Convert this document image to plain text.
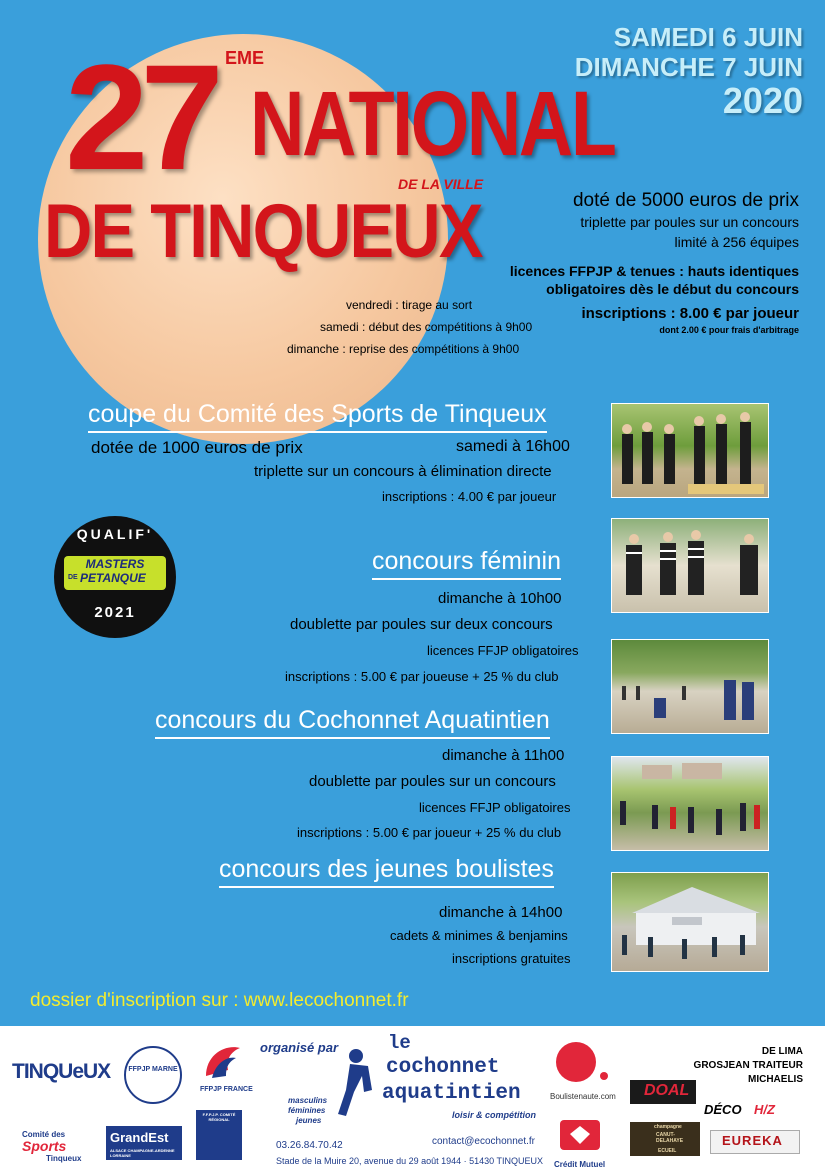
27 EME
NATIONAL
DE LA VILLE
DE TINQUEUX
SAMEDI 6 JUIN
DIMANCHE 7 JUIN
2020
doté de 5000 euros de prix
triplette par poules sur un concours
limité à 256 équipes
licences FFPJP & tenues : hauts identiques
obligatoires dès le début du concours
inscriptions : 8.00 € par joueur
dont 2.00 € pour frais d'arbitrage
vendredi : tirage au sort
samedi : début des compétitions à 9h00
dimanche : reprise des compétitions à 9h00
coupe du Comité des Sports de Tinqueux
dotée de 1000 euros de prix	samedi à 16h00
triplette sur un concours à élimination directe
inscriptions : 4.00 € par joueur
concours féminin
dimanche à 10h00
doublette par poules sur deux concours
licences FFJP obligatoires
inscriptions : 5.00 € par joueuse + 25 % du club
concours du Cochonnet Aquatintien
dimanche à 11h00
doublette par poules sur un concours
licences FFJP obligatoires
inscriptions : 5.00 € par joueur + 25 % du club
concours des jeunes boulistes
dimanche à 14h00
cadets & minimes & benjamins
inscriptions gratuites
QUALIF'
MASTERS
DE PETANQUE
2021
dossier d'inscription sur : www.lecochonnet.fr
TINQUeUX	FFPJP MARNE
FFPJP FRANCE
organisé par	le
cochonnet
aquatintien
loisir & compétition
masculins
féminines
jeunes
03.26.84.70.42	contact@ecochonnet.fr
Stade de la Muire 20, avenue du 29 août 1944 · 51430 TINQUEUX
Comité des
Sports
Tinqueux
GrandEst
ALSACE CHAMPAGNE-ARDENNE LORRAINE
F.F.P.J.P. COMITÉ RÉGIONAL
Boulistenaute.com
Crédit Mutuel
DE LIMA
GROSJEAN TRAITEUR
MICHAELIS
DOAL
DÉCO H/Z
champagne
CANUT-DELAHAYE
ECUEIL
EUREKA
